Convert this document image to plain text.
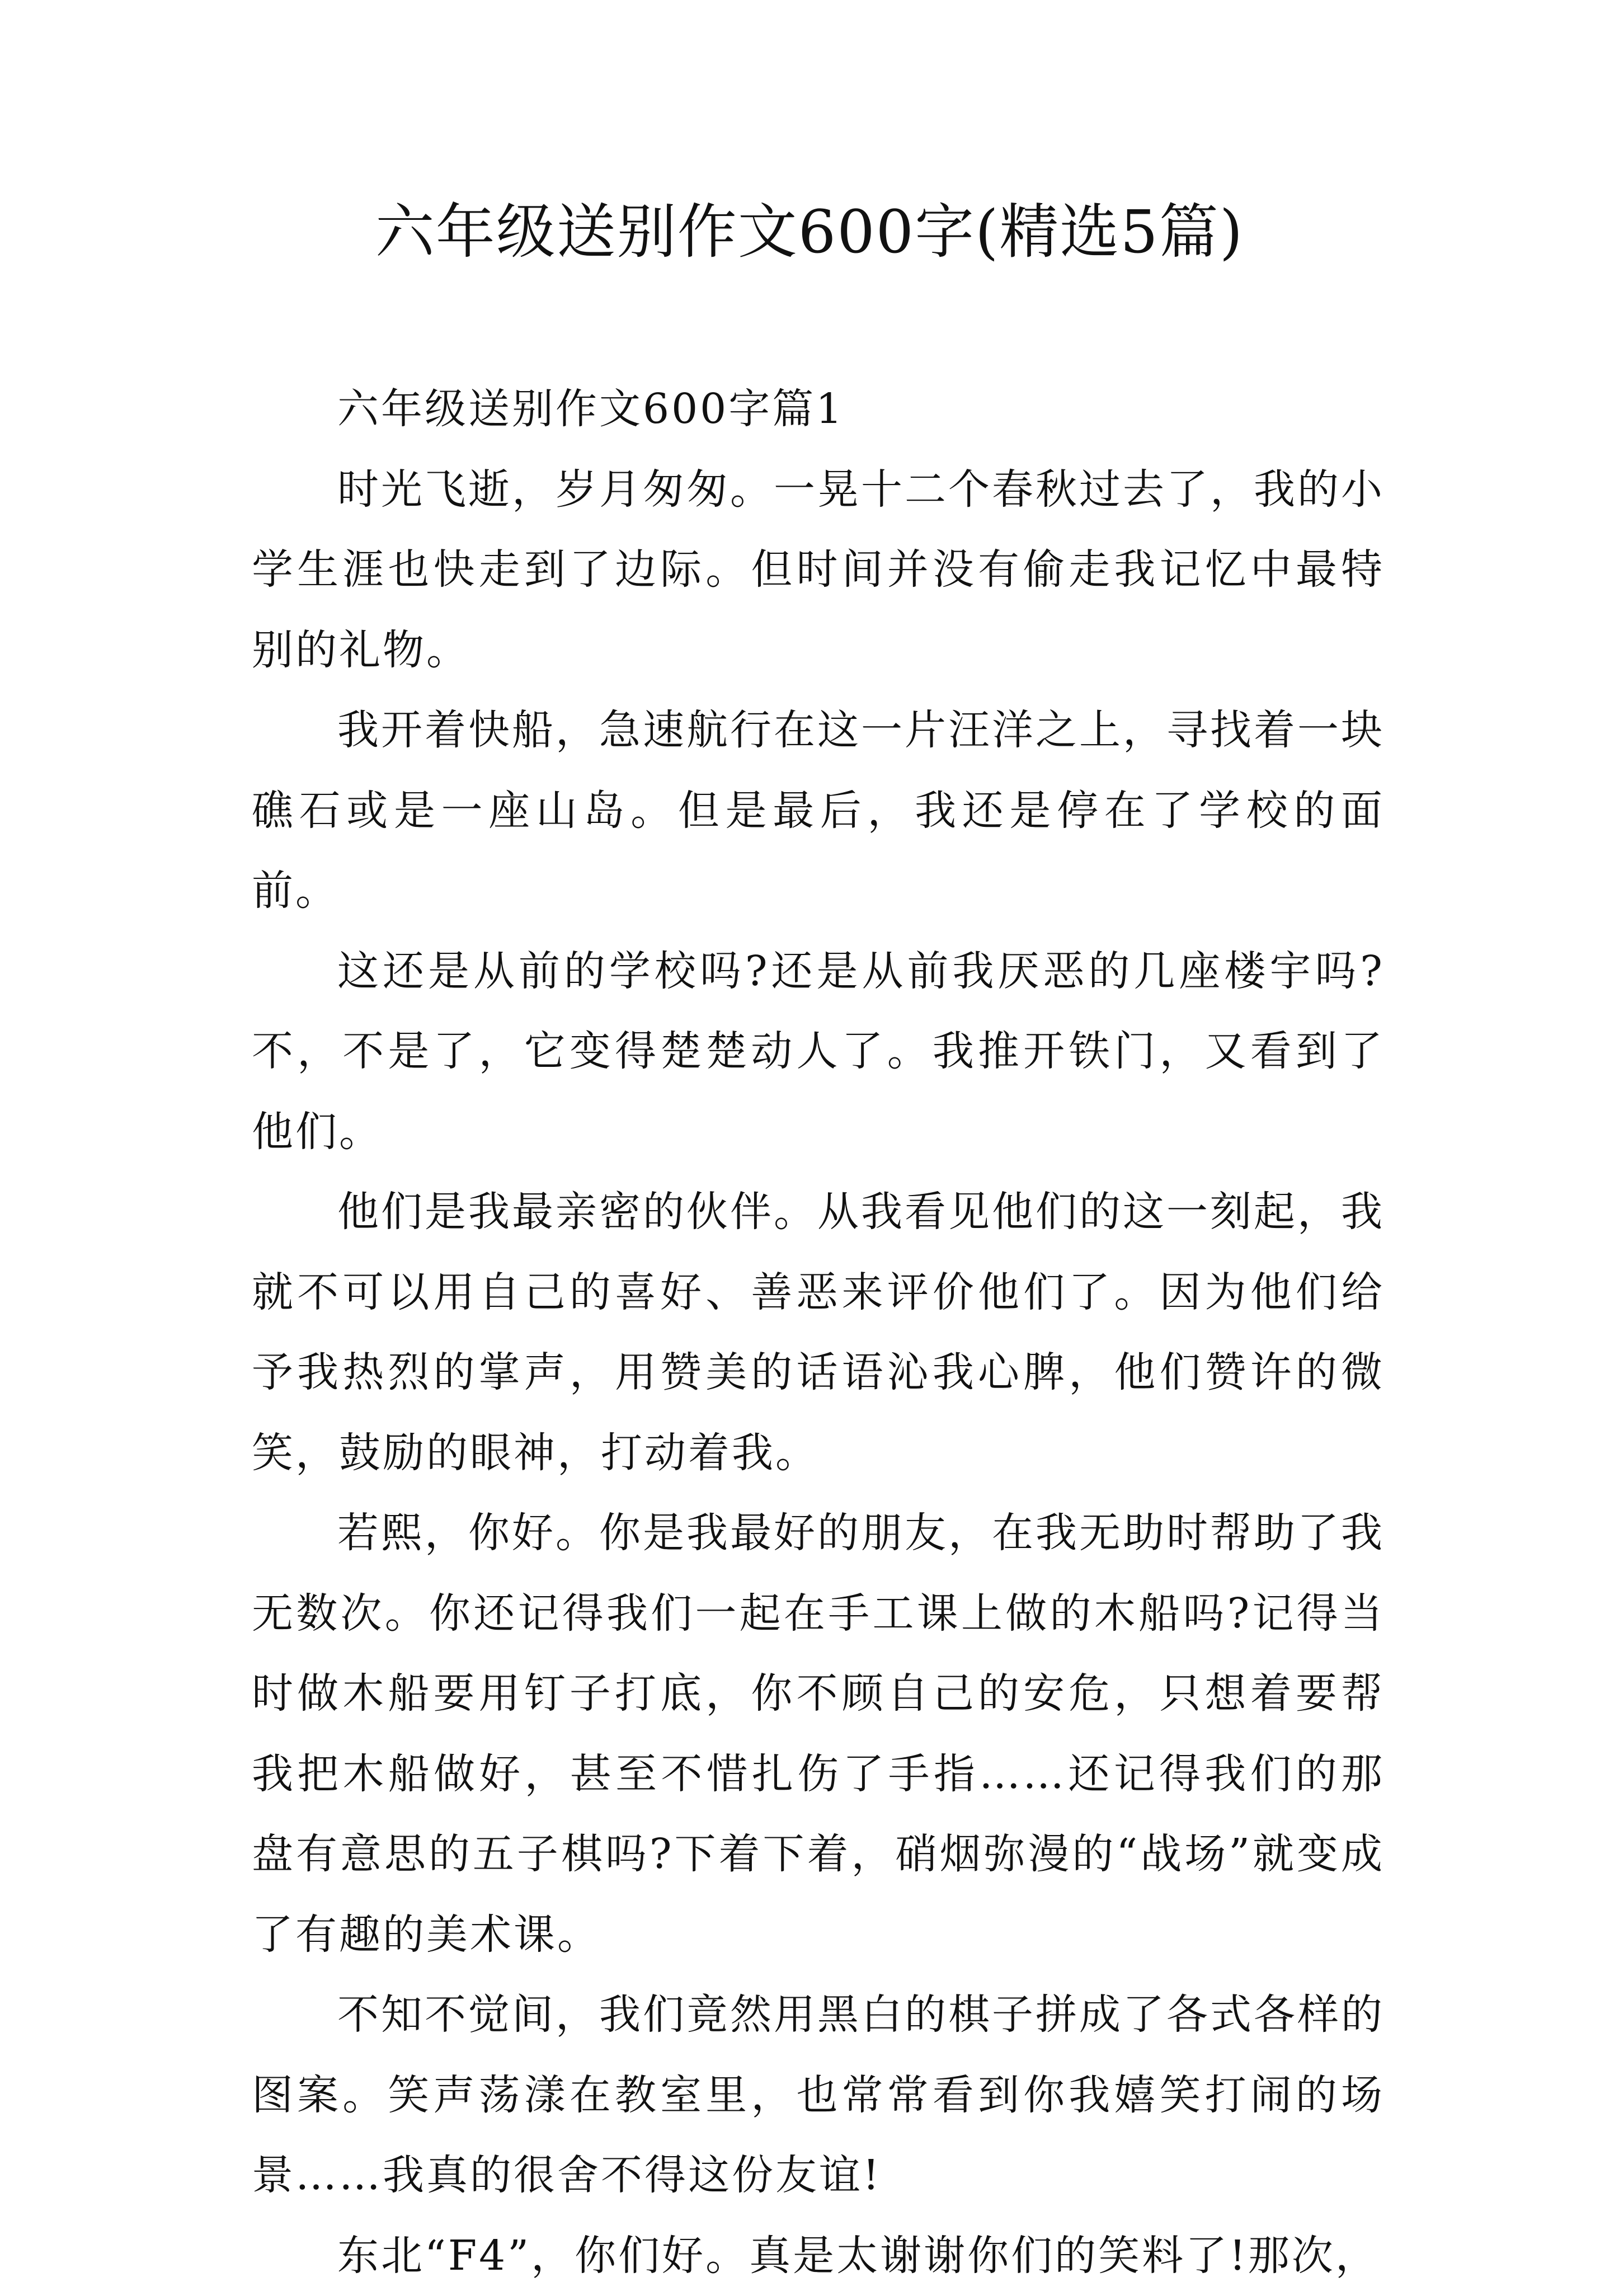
六年级送别作文600字(精选5篇)

六年级送别作文600字篇1

时光飞逝，岁月匆匆。一晃十二个春秋过去了，我的小学生涯也快走到了边际。但时间并没有偷走我记忆中最特别的礼物。

我开着快船，急速航行在这一片汪洋之上，寻找着一块礁石或是一座山岛。但是最后，我还是停在了学校的面前。

这还是从前的学校吗?还是从前我厌恶的几座楼宇吗?不，不是了，它变得楚楚动人了。我推开铁门，又看到了他们。

他们是我最亲密的伙伴。从我看见他们的这一刻起，我就不可以用自己的喜好、善恶来评价他们了。因为他们给予我热烈的掌声，用赞美的话语沁我心脾，他们赞许的微笑，鼓励的眼神，打动着我。

若熙，你好。你是我最好的朋友，在我无助时帮助了我无数次。你还记得我们一起在手工课上做的木船吗?记得当时做木船要用钉子打底，你不顾自己的安危，只想着要帮我把木船做好，甚至不惜扎伤了手指……还记得我们的那盘有意思的五子棋吗?下着下着，硝烟弥漫的“战场”就变成了有趣的美术课。

不知不觉间，我们竟然用黑白的棋子拼成了各式各样的图案。笑声荡漾在教室里，也常常看到你我嬉笑打闹的场景……我真的很舍不得这份友谊!

东北“F4”，你们好。真是太谢谢你们的笑料了!那次，
